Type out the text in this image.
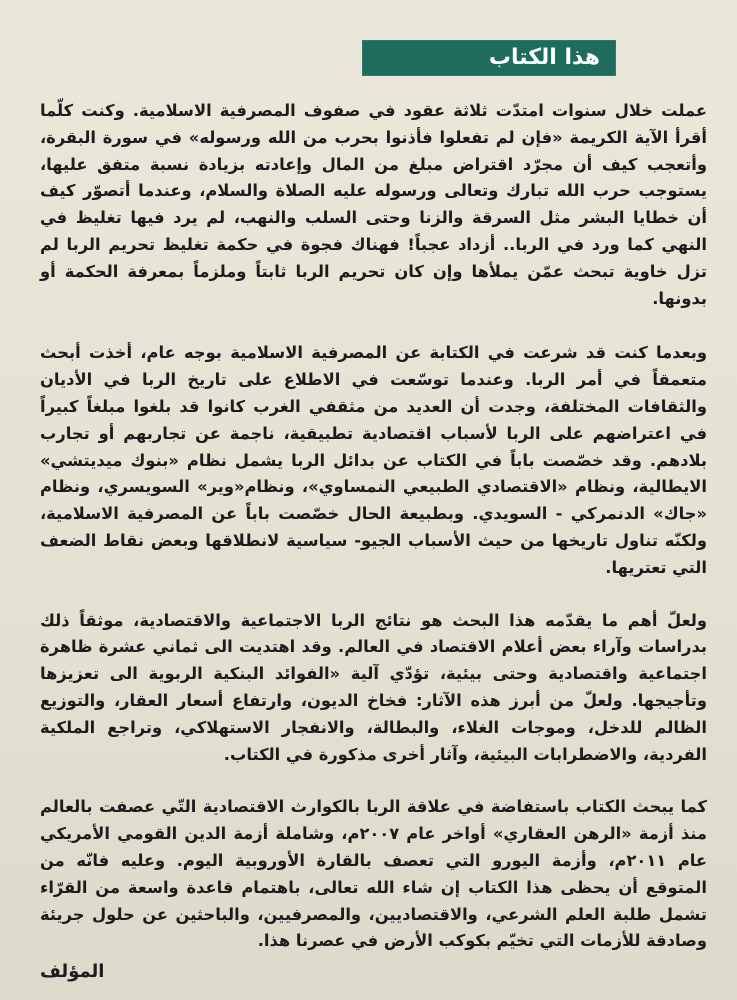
هذا الكتاب

عملت خلال سنوات امتدّت ثلاثة عقود في صفوف المصرفية الاسلامية. وكنت كلّما أقرأ الآية الكريمة «فإن لم تفعلوا فأذنوا بحرب من الله ورسوله» في سورة البقرة، وأتعجب كيف أن مجرّد اقتراض مبلغ من المال وإعادته بزيادة نسبة متفق عليها، يستوجب حرب الله تبارك وتعالى ورسوله عليه الصلاة والسلام، وعندما أتصوّر كيف أن خطايا البشر مثل السرقة والزنا وحتى السلب والنهب، لم يرد فيها تغليظ في النهي كما ورد في الربا.. أزداد عجباً! فهناك فجوة في حكمة تغليظ تحريم الربا لم تزل خاوية تبحث عمّن يملأها وإن كان تحريم الربا ثابتاً وملزماً بمعرفة الحكمة أو بدونها.

وبعدما كنت قد شرعت في الكتابة عن المصرفية الاسلامية بوجه عام، أخذت أبحث متعمقاً في أمر الربا. وعندما توسّعت في الاطلاع على تاريخ الربا في الأديان والثقافات المختلفة، وجدت أن العديد من مثقفي الغرب كانوا قد بلغوا مبلغاً كبيراً في اعتراضهم على الربا لأسباب اقتصادية تطبيقية، ناجمة عن تجاربهم أو تجارب بلادهم. وقد خصّصت باباً في الكتاب عن بدائل الربا يشمل نظام «بنوك ميديتشي» الايطالية، ونظام «الاقتصادي الطبيعي النمساوي»، ونظام«وير» السويسري، ونظام «جاك» الدنمركي - السويدي. وبطبيعة الحال خصّصت باباً عن المصرفية الاسلامية، ولكنّه تناول تاريخها من حيث الأسباب الجيو- سياسية لانطلاقها وبعض نقاط الضعف التي تعتريها.

ولعلّ أهم ما يقدّمه هذا البحث هو نتائج الربا الاجتماعية والاقتصادية، موثقاً ذلك بدراسات وآراء بعض أعلام الاقتصاد في العالم. وقد اهتديت الى ثماني عشرة ظاهرة اجتماعية واقتصادية وحتى بيئية، تؤدّي آلية «الفوائد البنكية الربوية الى تعزيزها وتأجيجها. ولعلّ من أبرز هذه الآثار: فخاخ الديون، وارتفاع أسعار العقار، والتوزيع الظالم للدخل، وموجات الغلاء، والبطالة، والانفجار الاستهلاكي، وتراجع الملكية الفردية، والاضطرابات البيئية، وآثار أخرى مذكورة في الكتاب.

كما يبحث الكتاب باستفاضة في علاقة الربا بالكوارث الاقتصادية التّي عصفت بالعالم منذ أزمة «الرهن العقاري» أواخر عام ٢٠٠٧م، وشاملة أزمة الدين القومي الأمريكي عام ٢٠١١م، وأزمة اليورو التي تعصف بالقارة الأوروبية اليوم. وعليه فانّه من المتوقع أن يحظى هذا الكتاب إن شاء الله تعالى، باهتمام قاعدة واسعة من القرّاء تشمل طلبة العلم الشرعي، والاقتصاديين، والمصرفيين، والباحثين عن حلول جريئة وصادقة للأزمات التي تخيّم بكوكب الأرض في عصرنا هذا.

المؤلف
